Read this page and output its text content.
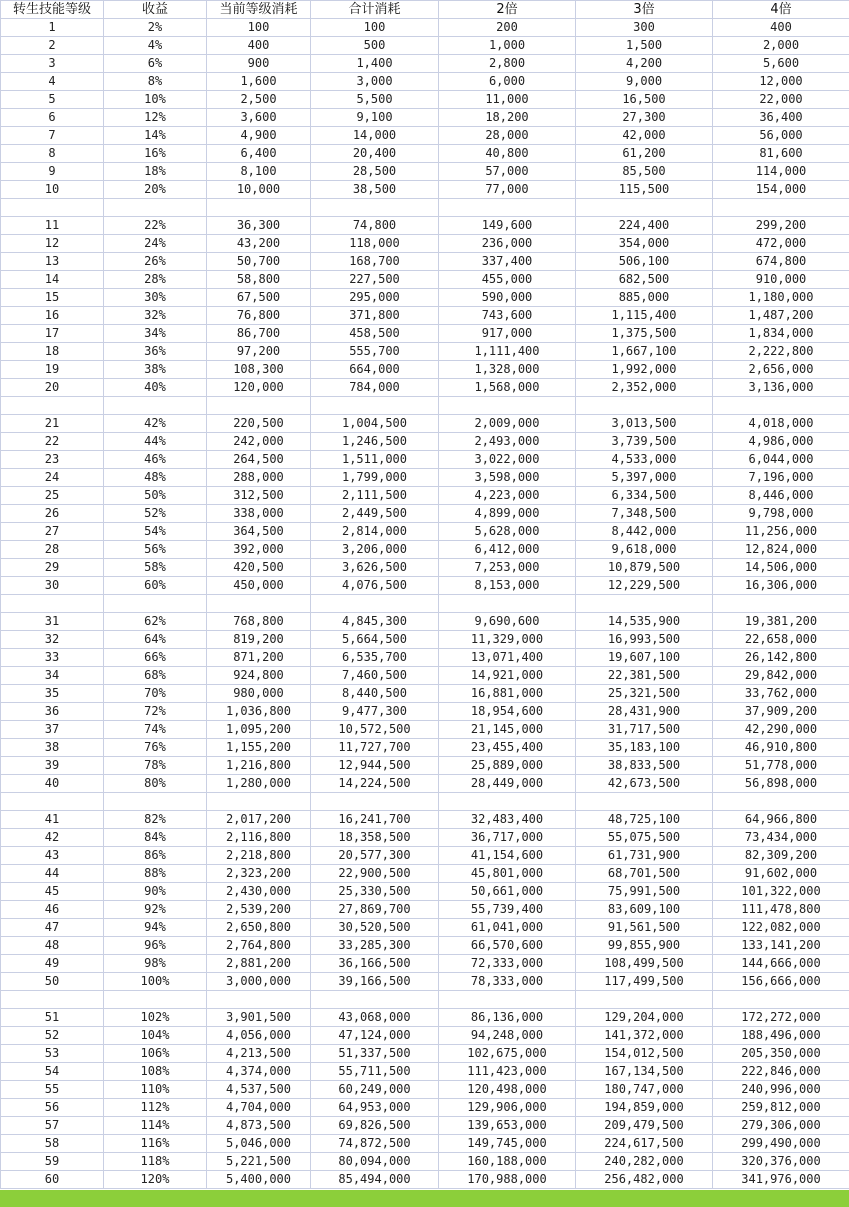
转生技能等级	收益	当前等级消耗	合计消耗	2倍	3倍	4倍
1	2%	100	100	200	300	400
2	4%	400	500	1,000	1,500	2,000
3	6%	900	1,400	2,800	4,200	5,600
4	8%	1,600	3,000	6,000	9,000	12,000
5	10%	2,500	5,500	11,000	16,500	22,000
6	12%	3,600	9,100	18,200	27,300	36,400
7	14%	4,900	14,000	28,000	42,000	56,000
8	16%	6,400	20,400	40,800	61,200	81,600
9	18%	8,100	28,500	57,000	85,500	114,000
10	20%	10,000	38,500	77,000	115,500	154,000

11	22%	36,300	74,800	149,600	224,400	299,200
12	24%	43,200	118,000	236,000	354,000	472,000
13	26%	50,700	168,700	337,400	506,100	674,800
14	28%	58,800	227,500	455,000	682,500	910,000
15	30%	67,500	295,000	590,000	885,000	1,180,000
16	32%	76,800	371,800	743,600	1,115,400	1,487,200
17	34%	86,700	458,500	917,000	1,375,500	1,834,000
18	36%	97,200	555,700	1,111,400	1,667,100	2,222,800
19	38%	108,300	664,000	1,328,000	1,992,000	2,656,000
20	40%	120,000	784,000	1,568,000	2,352,000	3,136,000

21	42%	220,500	1,004,500	2,009,000	3,013,500	4,018,000
22	44%	242,000	1,246,500	2,493,000	3,739,500	4,986,000
23	46%	264,500	1,511,000	3,022,000	4,533,000	6,044,000
24	48%	288,000	1,799,000	3,598,000	5,397,000	7,196,000
25	50%	312,500	2,111,500	4,223,000	6,334,500	8,446,000
26	52%	338,000	2,449,500	4,899,000	7,348,500	9,798,000
27	54%	364,500	2,814,000	5,628,000	8,442,000	11,256,000
28	56%	392,000	3,206,000	6,412,000	9,618,000	12,824,000
29	58%	420,500	3,626,500	7,253,000	10,879,500	14,506,000
30	60%	450,000	4,076,500	8,153,000	12,229,500	16,306,000

31	62%	768,800	4,845,300	9,690,600	14,535,900	19,381,200
32	64%	819,200	5,664,500	11,329,000	16,993,500	22,658,000
33	66%	871,200	6,535,700	13,071,400	19,607,100	26,142,800
34	68%	924,800	7,460,500	14,921,000	22,381,500	29,842,000
35	70%	980,000	8,440,500	16,881,000	25,321,500	33,762,000
36	72%	1,036,800	9,477,300	18,954,600	28,431,900	37,909,200
37	74%	1,095,200	10,572,500	21,145,000	31,717,500	42,290,000
38	76%	1,155,200	11,727,700	23,455,400	35,183,100	46,910,800
39	78%	1,216,800	12,944,500	25,889,000	38,833,500	51,778,000
40	80%	1,280,000	14,224,500	28,449,000	42,673,500	56,898,000

41	82%	2,017,200	16,241,700	32,483,400	48,725,100	64,966,800
42	84%	2,116,800	18,358,500	36,717,000	55,075,500	73,434,000
43	86%	2,218,800	20,577,300	41,154,600	61,731,900	82,309,200
44	88%	2,323,200	22,900,500	45,801,000	68,701,500	91,602,000
45	90%	2,430,000	25,330,500	50,661,000	75,991,500	101,322,000
46	92%	2,539,200	27,869,700	55,739,400	83,609,100	111,478,800
47	94%	2,650,800	30,520,500	61,041,000	91,561,500	122,082,000
48	96%	2,764,800	33,285,300	66,570,600	99,855,900	133,141,200
49	98%	2,881,200	36,166,500	72,333,000	108,499,500	144,666,000
50	100%	3,000,000	39,166,500	78,333,000	117,499,500	156,666,000

51	102%	3,901,500	43,068,000	86,136,000	129,204,000	172,272,000
52	104%	4,056,000	47,124,000	94,248,000	141,372,000	188,496,000
53	106%	4,213,500	51,337,500	102,675,000	154,012,500	205,350,000
54	108%	4,374,000	55,711,500	111,423,000	167,134,500	222,846,000
55	110%	4,537,500	60,249,000	120,498,000	180,747,000	240,996,000
56	112%	4,704,000	64,953,000	129,906,000	194,859,000	259,812,000
57	114%	4,873,500	69,826,500	139,653,000	209,479,500	279,306,000
58	116%	5,046,000	74,872,500	149,745,000	224,617,500	299,490,000
59	118%	5,221,500	80,094,000	160,188,000	240,282,000	320,376,000
60	120%	5,400,000	85,494,000	170,988,000	256,482,000	341,976,000
